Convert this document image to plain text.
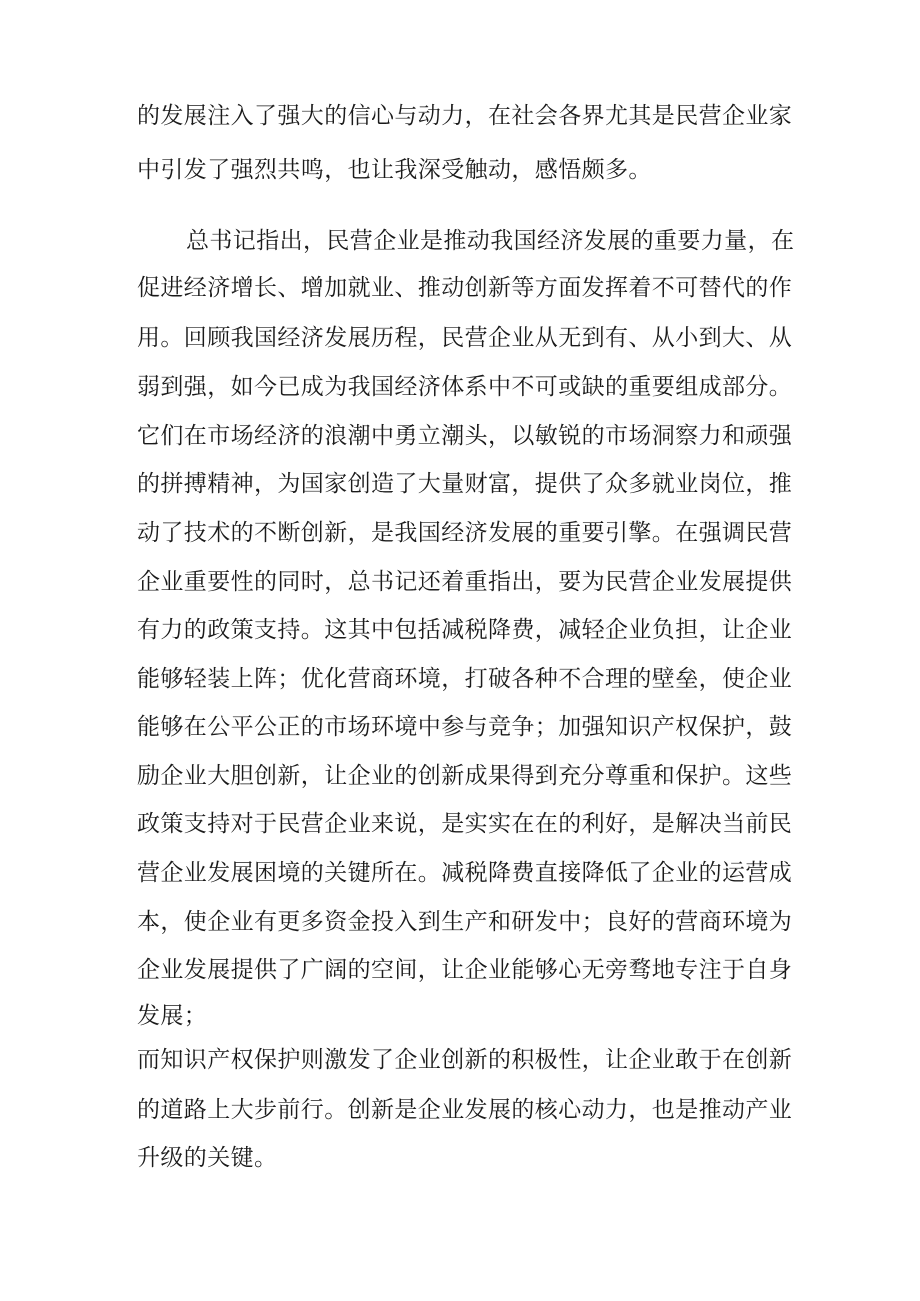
的发展注入了强大的信心与动力，在社会各界尤其是民营企业家
中引发了强烈共鸣，也让我深受触动，感悟颇多。
总书记指出，民营企业是推动我国经济发展的重要力量，在
促进经济增长、增加就业、推动创新等方面发挥着不可替代的作
用。回顾我国经济发展历程，民营企业从无到有、从小到大、从
弱到强，如今已成为我国经济体系中不可或缺的重要组成部分。
它们在市场经济的浪潮中勇立潮头，以敏锐的市场洞察力和顽强
的拼搏精神，为国家创造了大量财富，提供了众多就业岗位，推
动了技术的不断创新，是我国经济发展的重要引擎。在强调民营
企业重要性的同时，总书记还着重指出，要为民营企业发展提供
有力的政策支持。这其中包括减税降费，减轻企业负担，让企业
能够轻装上阵；优化营商环境，打破各种不合理的壁垒，使企业
能够在公平公正的市场环境中参与竞争；加强知识产权保护，鼓
励企业大胆创新，让企业的创新成果得到充分尊重和保护。这些
政策支持对于民营企业来说，是实实在在的利好，是解决当前民
营企业发展困境的关键所在。减税降费直接降低了企业的运营成
本，使企业有更多资金投入到生产和研发中；良好的营商环境为
企业发展提供了广阔的空间，让企业能够心无旁骛地专注于自身
发展；
而知识产权保护则激发了企业创新的积极性，让企业敢于在创新
的道路上大步前行。创新是企业发展的核心动力，也是推动产业
升级的关键。
